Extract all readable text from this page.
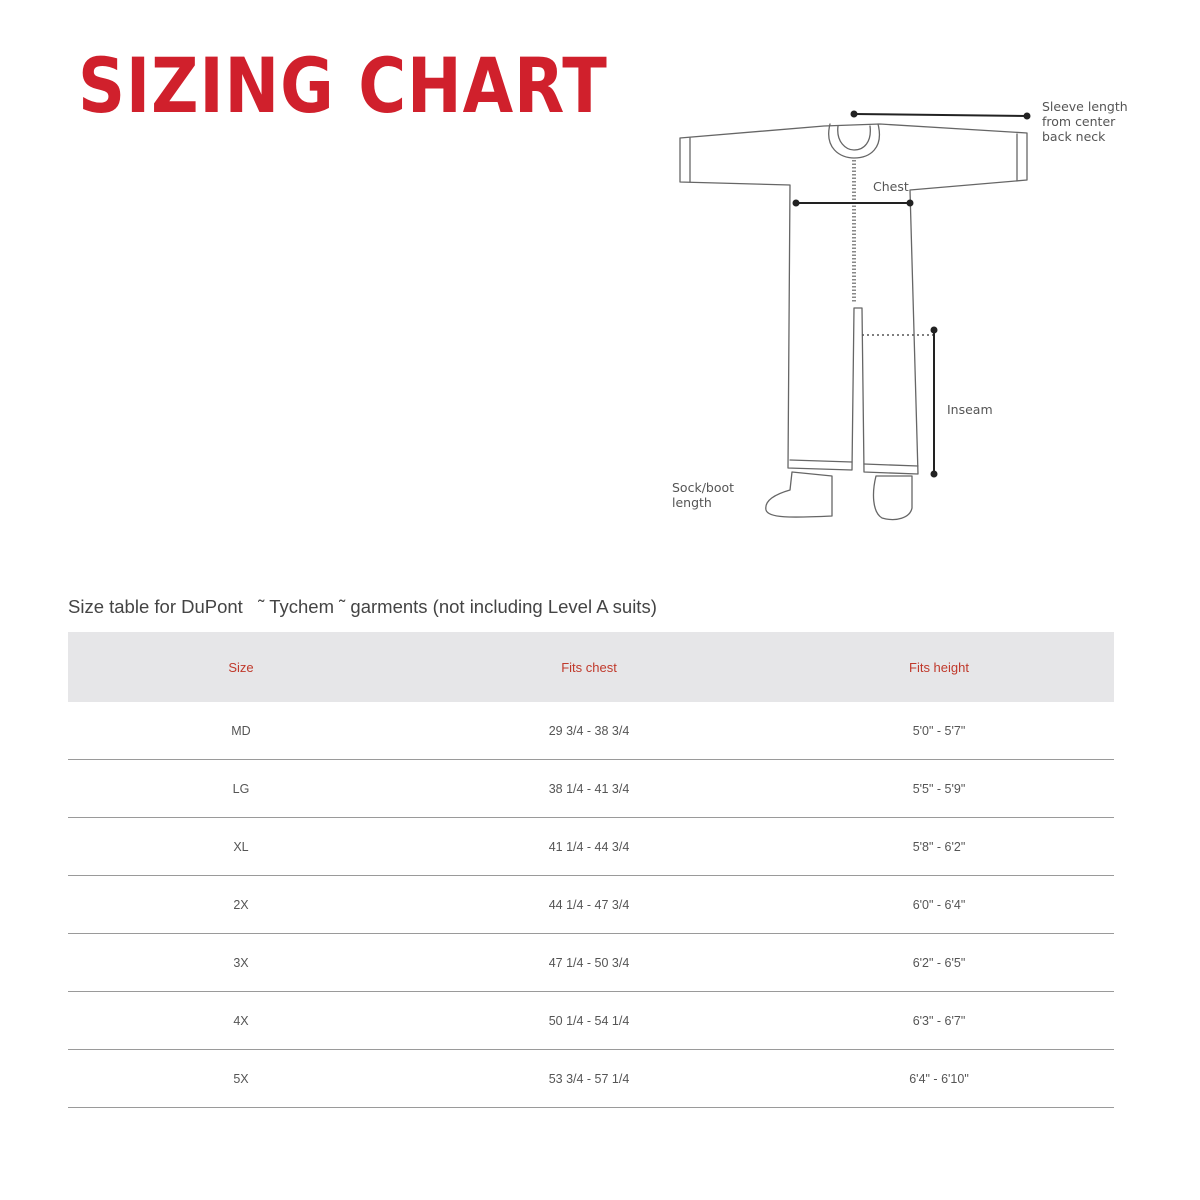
SIZING CHART	Sleeve length
from center
back neck
Chest
Inseam
Sock/boot
length
Size table for DuPont   ˜ Tychem ˜ garments (not including Level A suits)
Size	Fits chest	Fits height
MD	29 3/4 - 38 3/4	5'0" - 5'7"
LG	38 1/4 - 41 3/4	5'5" - 5'9"
XL	41 1/4 - 44 3/4	5'8" - 6'2"
2X	44 1/4 - 47 3/4	6'0" - 6'4"
3X	47 1/4 - 50 3/4	6'2" - 6'5"
4X	50 1/4 - 54 1/4	6'3" - 6'7"
5X	53 3/4 - 57 1/4	6'4" - 6'10"
